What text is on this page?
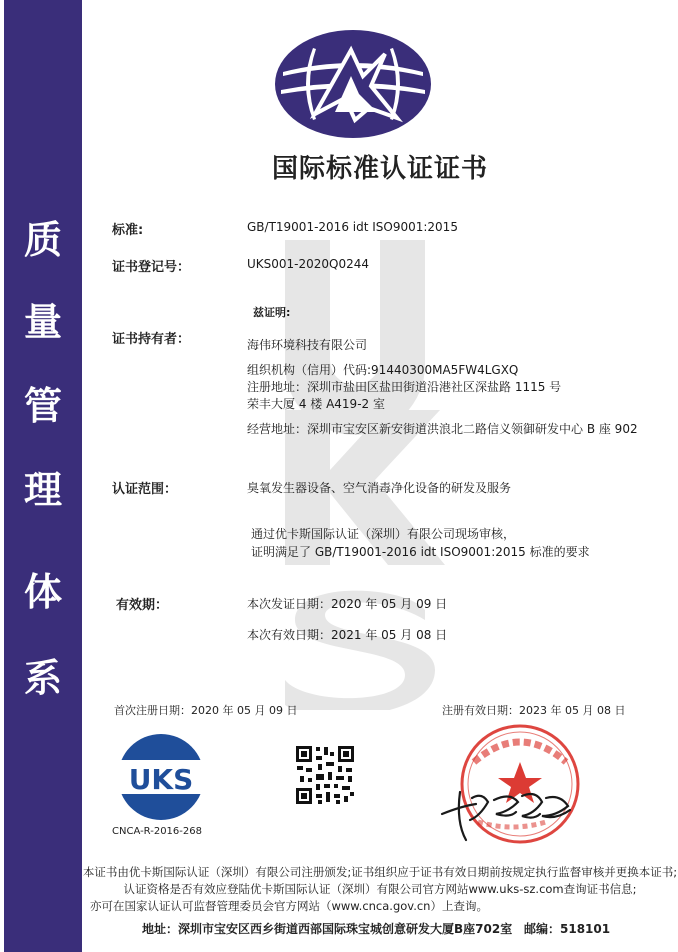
质
量
管
理
体
系
国际标准认证证书
标准:	GB/T19001-2016 idt ISO9001:2015
证书登记号：	UKS001-2020Q0244
兹证明:
证书持有者：	海伟环境科技有限公司
组织机构（信用）代码:91440300MA5FW4LGXQ
注册地址：深圳市盐田区盐田街道沿港社区深盐路 1115 号
荣丰大厦 4 楼 A419-2 室
经营地址：深圳市宝安区新安街道洪浪北二路信义领御研发中心 B 座 902
认证范围：	臭氧发生器设备、空气消毒净化设备的研发及服务
通过优卡斯国际认证（深圳）有限公司现场审核，
证明满足了 GB/T19001-2016 idt ISO9001:2015 标准的要求
有效期：	本次发证日期：2020 年 05 月 09 日
本次有效日期：2021 年 05 月 08 日
首次注册日期：2020 年 05 月 09 日	注册有效日期：2023 年 05 月 08 日
UKS
CNCA-R-2016-268
本证书由优卡斯国际认证（深圳）有限公司注册颁发;证书组织应于证书有效日期前按规定执行监督审核并更换本证书;
认证资格是否有效应登陆优卡斯国际认证（深圳）有限公司官方网站www.uks-sz.com查询证书信息;
亦可在国家认证认可监督管理委员会官方网站（www.cnca.gov.cn）上查询。
地址：深圳市宝安区西乡街道西部国际珠宝城创意研发大厦B座702室 邮编：518101
